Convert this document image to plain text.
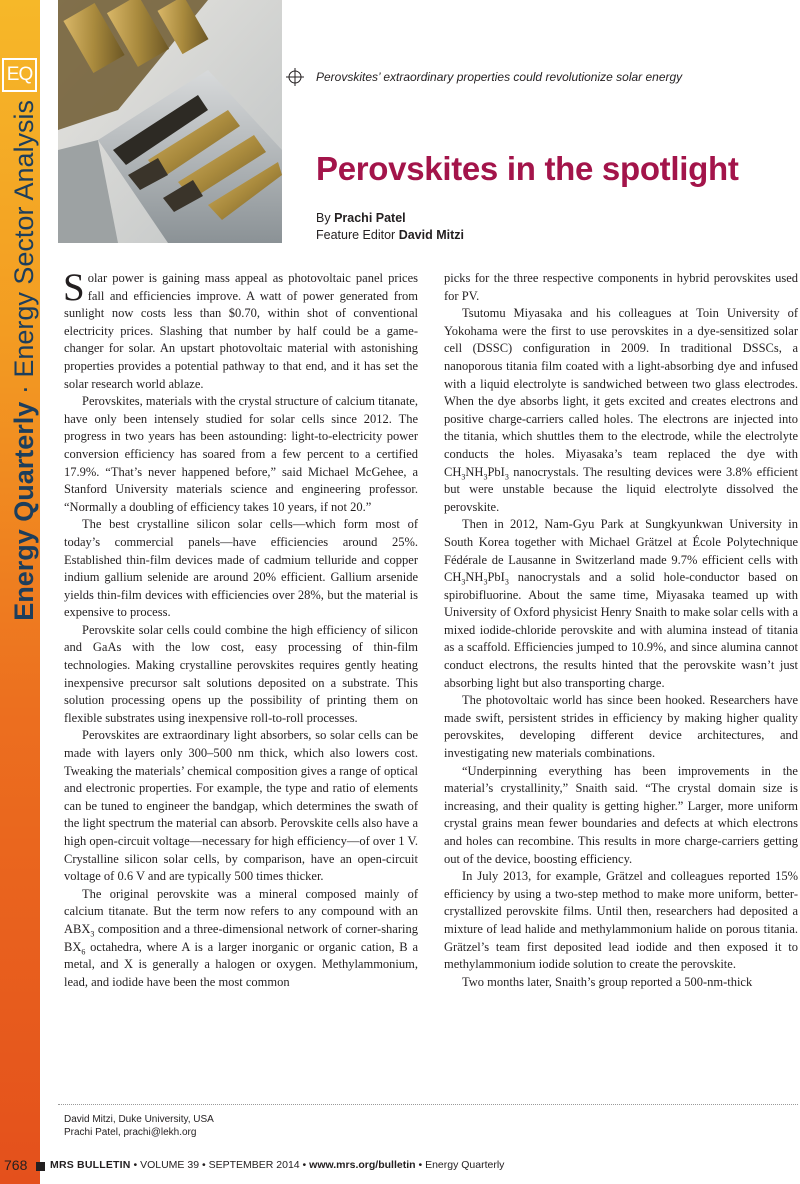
EQ
Energy Quarterly · Energy Sector Analysis
Perovskites’ extraordinary properties could revolutionize solar energy
Perovskites in the spotlight
By Prachi Patel
Feature Editor David Mitzi

Solar power is gaining mass appeal as photovoltaic panel prices fall and efficiencies improve. A watt of power generated from sunlight now costs less than $0.70, within shot of conventional electricity prices. Slashing that number by half could be a game-changer for solar. An upstart photovoltaic material with astonishing properties provides a potential pathway to that end, and it has set the solar research world ablaze.

Perovskites, materials with the crystal structure of calcium titanate, have only been intensely studied for solar cells since 2012. The progress in two years has been astounding: light-to-electricity power conversion efficiency has soared from a few percent to a certified 17.9%. “That’s never happened before,” said Michael McGehee, a Stanford University materials science and engineering professor. “Normally a doubling of efficiency takes 10 years, if not 20.”

The best crystalline silicon solar cells—which form most of today’s commercial panels—have efficiencies around 25%. Established thin-film devices made of cadmium telluride and copper indium gallium selenide are around 20% efficient. Gallium arsenide yields thin-film devices with efficiencies over 28%, but the material is expensive to process.

Perovskite solar cells could combine the high efficiency of silicon and GaAs with the low cost, easy processing of thin-film technologies. Making crystalline perovskites requires gently heating inexpensive precursor salt solutions deposited on a substrate. This solution processing opens up the possibility of printing them on flexible substrates using inexpensive roll-to-roll processes.

Perovskites are extraordinary light absorbers, so solar cells can be made with layers only 300–500 nm thick, which also lowers cost. Tweaking the materials’ chemical composition gives a range of optical and electronic properties. For example, the type and ratio of elements can be tuned to engineer the bandgap, which determines the swath of the light spectrum the material can absorb. Perovskite cells also have a high open-circuit voltage—necessary for high efficiency—of over 1 V. Crystalline silicon solar cells, by comparison, have an open-circuit voltage of 0.6 V and are typically 500 times thicker.

The original perovskite was a mineral composed mainly of calcium titanate. But the term now refers to any compound with an $ABX_3$ composition and a three-dimensional network of corner-sharing $BX_6$ octahedra, where A is a larger inorganic or organic cation, B a metal, and X is generally a halogen or oxygen. Methylammonium, lead, and iodide have been the most common

picks for the three respective components in hybrid perovskites used for PV.

Tsutomu Miyasaka and his colleagues at Toin University of Yokohama were the first to use perovskites in a dye-sensitized solar cell (DSSC) configuration in 2009. In traditional DSSCs, a nanoporous titania film coated with a light-absorbing dye and infused with a liquid electrolyte is sandwiched between two glass electrodes. When the dye absorbs light, it gets excited and creates electrons and positive charge-carriers called holes. The electrons are injected into the titania, which shuttles them to the electrode, while the electrolyte conducts the holes. Miyasaka’s team replaced the dye with $CH_3NH_3PbI_3$ nanocrystals. The resulting devices were 3.8% efficient but were unstable because the liquid electrolyte dissolved the perovskite.

Then in 2012, Nam-Gyu Park at Sungkyunkwan University in South Korea together with Michael Grätzel at École Polytechnique Fédérale de Lausanne in Switzerland made 9.7% efficient cells with $CH_3NH_3PbI_3$ nanocrystals and a solid hole-conductor based on spirobifluorine. About the same time, Miyasaka teamed up with University of Oxford physicist Henry Snaith to make solar cells with a mixed iodide-chloride perovskite and with alumina instead of titania as a scaffold. Efficiencies jumped to 10.9%, and since alumina cannot conduct electrons, the results hinted that the perovskite wasn’t just absorbing light but also transporting charge.

The photovoltaic world has since been hooked. Researchers have made swift, persistent strides in efficiency by making higher quality perovskites, developing different device architectures, and investigating new materials combinations.

“Underpinning everything has been improvements in the material’s crystallinity,” Snaith said. “The crystal domain size is increasing, and their quality is getting higher.” Larger, more uniform crystal grains mean fewer boundaries and defects at which electrons and holes can recombine. This results in more charge-carriers getting out of the device, boosting efficiency.

In July 2013, for example, Grätzel and colleagues reported 15% efficiency by using a two-step method to make more uniform, better-crystallized perovskite films. Until then, researchers had deposited a mixture of lead halide and methylammonium halide on porous titania. Grätzel’s team first deposited lead iodide and then exposed it to methylammonium iodide solution to create the perovskite.

Two months later, Snaith’s group reported a 500-nm-thick

David Mitzi, Duke University, USA
Prachi Patel, prachi@lekh.org
768 MRS BULLETIN • VOLUME 39 • SEPTEMBER 2014 • www.mrs.org/bulletin • Energy Quarterly
